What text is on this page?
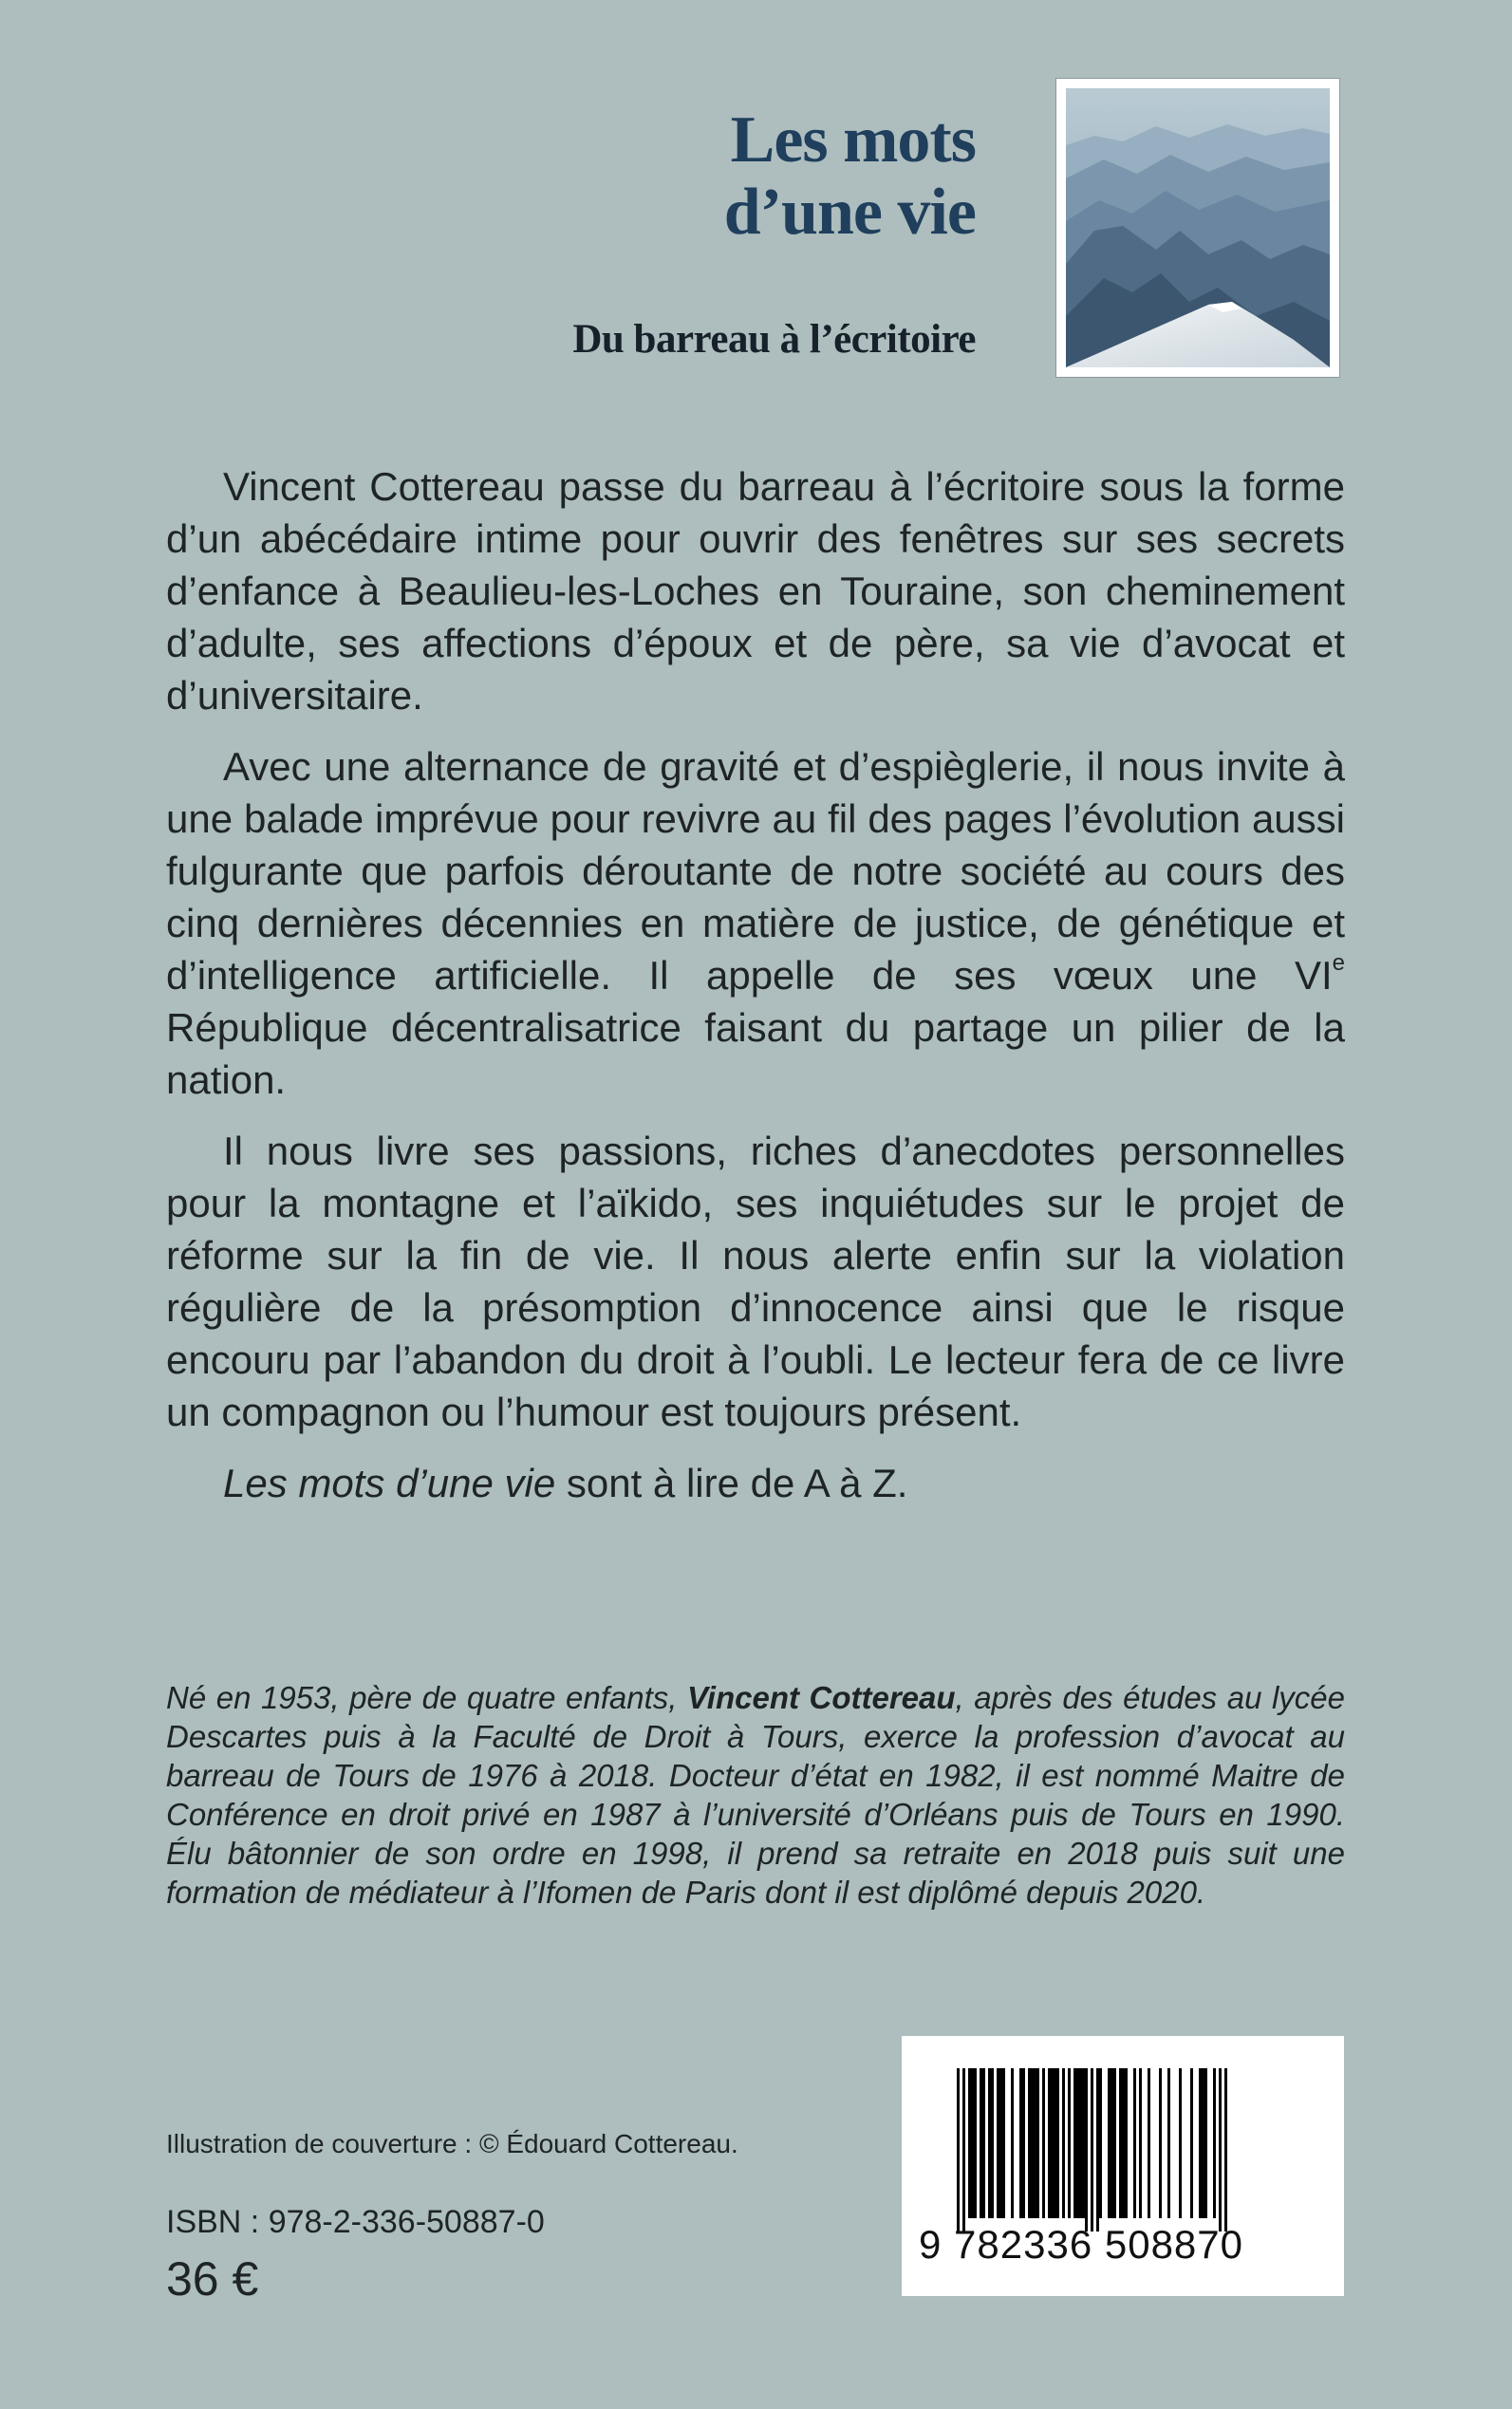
Les mots
d’une vie
Du barreau à l’écritoire

Vincent Cottereau passe du barreau à l’écritoire sous la forme d’un abécédaire intime pour ouvrir des fenêtres sur ses secrets d’enfance à Beaulieu-les-Loches en Touraine, son cheminement d’adulte, ses affections d’époux et de père, sa vie d’avocat et d’universitaire.

Avec une alternance de gravité et d’espièglerie, il nous invite à une balade imprévue pour revivre au fil des pages l’évolution aussi fulgurante que parfois déroutante de notre société au cours des cinq dernières décennies en matière de justice, de génétique et d’intelligence artificielle. Il appelle de ses vœux une VIe République décentralisatrice faisant du partage un pilier de la nation.

Il nous livre ses passions, riches d’anecdotes personnelles pour la montagne et l’aïkido, ses inquiétudes sur le projet de réforme sur la fin de vie. Il nous alerte enfin sur la violation régulière de la présomption d’innocence ainsi que le risque encouru par l’abandon du droit à l’oubli. Le lecteur fera de ce livre un compagnon ou l’humour est toujours présent.

Les mots d’une vie sont à lire de A à Z.

Né en 1953, père de quatre enfants, Vincent Cottereau, après des études au lycée Descartes puis à la Faculté de Droit à Tours, exerce la profession d’avocat au barreau de Tours de 1976 à 2018. Docteur d’état en 1982, il est nommé Maitre de Conférence en droit privé en 1987 à l’université d’Orléans puis de Tours en 1990. Élu bâtonnier de son ordre en 1998, il prend sa retraite en 2018 puis suit une formation de médiateur à l’Ifomen de Paris dont il est diplômé depuis 2020.
Illustration de couverture : © Édouard Cottereau.
ISBN : 978-2-336-50887-0
36 €
9 782336 508870
